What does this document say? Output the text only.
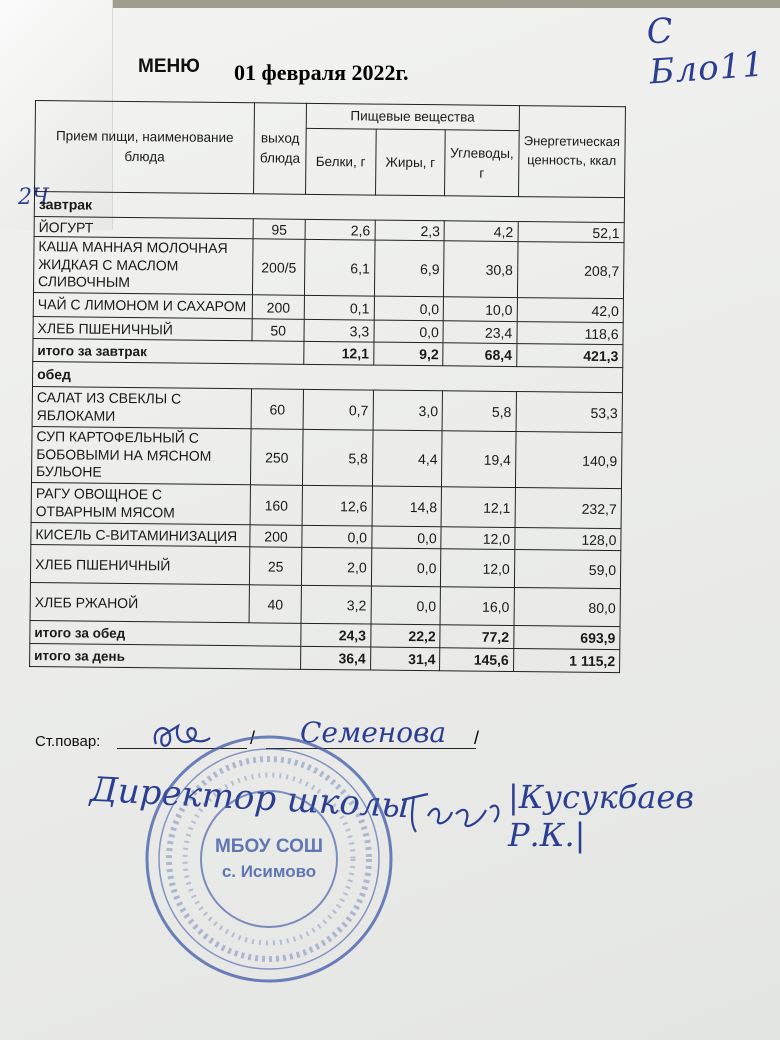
С Бло11
2Ч
МЕНЮ 01 февраля 2022г.
Прием пищи, наименование блюда	выход блюда	Пищевые вещества			Энергетическая ценность, ккал
		Белки, г	Жиры, г	Углеводы, г	
завтрак					
ЙОГУРТ	95	2,6	2,3	4,2	52,1
КАША МАННАЯ МОЛОЧНАЯ ЖИДКАЯ С МАСЛОМ СЛИВОЧНЫМ	200/5	6,1	6,9	30,8	208,7
ЧАЙ С ЛИМОНОМ И САХАРОМ	200	0,1	0,0	10,0	42,0
ХЛЕБ ПШЕНИЧНЫЙ	50	3,3	0,0	23,4	118,6
итого за завтрак		12,1	9,2	68,4	421,3
обед					
САЛАТ ИЗ СВЕКЛЫ С ЯБЛОКАМИ	60	0,7	3,0	5,8	53,3
СУП КАРТОФЕЛЬНЫЙ С БОБОВЫМИ НА МЯСНОМ БУЛЬОНЕ	250	5,8	4,4	19,4	140,9
РАГУ ОВОЩНОЕ С ОТВАРНЫМ МЯСОМ	160	12,6	14,8	12,1	232,7
КИСЕЛЬ С-ВИТАМИНИЗАЦИЯ	200	0,0	0,0	12,0	128,0
ХЛЕБ ПШЕНИЧНЫЙ	25	2,0	0,0	12,0	59,0
ХЛЕБ РЖАНОЙ	40	3,2	0,0	16,0	80,0
итого за обед		24,3	22,2	77,2	693,9
итого за день		36,4	31,4	145,6	1 115,2
Ст.повар:	/	/
Семенова
Директор школы	|Кусукбаев Р.К.|
МБОУ СОШ
с. Исимово
